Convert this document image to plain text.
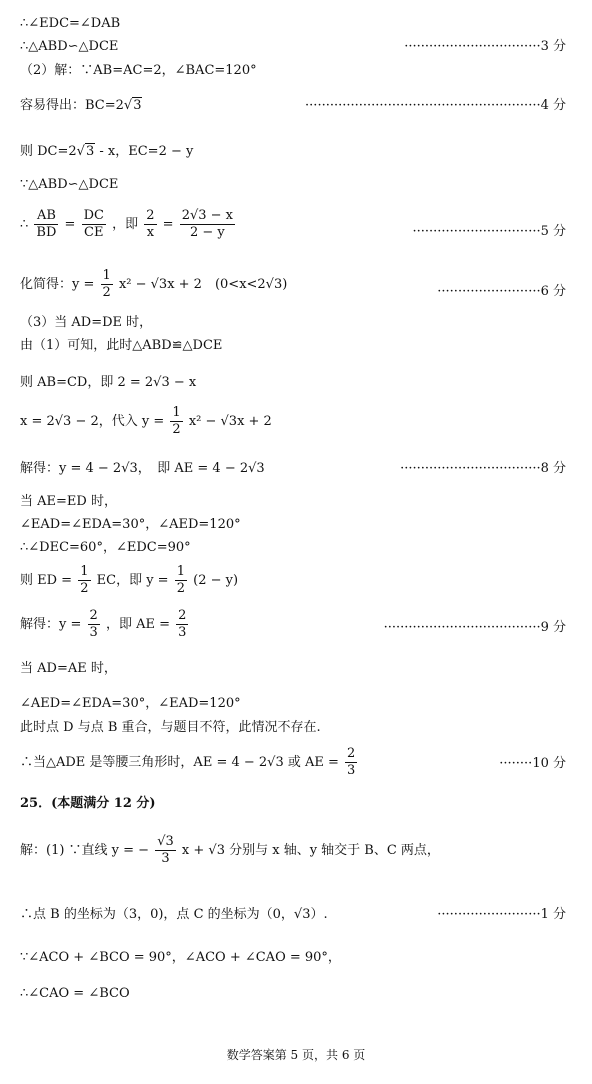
∴∠EDC=∠DAB
∴△ABD∽△DCE	·································3 分
（2）解：∵AB=AC=2，∠BAC=120°
容易得出：BC=2√3	·························································4 分
则 DC=2√3 - x，EC=2 − y
∵△ABD∽△DCE
∴ $\frac{AB}{BD} = \frac{DC}{CE}$ ，即 $\frac{2}{x} = \frac{2√3 - x}{2 - y}$	·······························5 分
化简得：$y = \frac{1}{2} x^2 - √3x + 2$　(0<x<2√3)	·························6 分
（3）当 AD=DE 时，
由（1）可知，此时△ABD≌△DCE
则 AB=CD，即 2 = 2√3 − x
x = 2√3 − 2，代入 $y = \frac{1}{2} x^2 - √3x + 2$
解得：y = 4 − 2√3，　即 AE = 4 − 2√3	··································8 分
当 AE=ED 时，
∠EAD=∠EDA=30°，∠AED=120°
∴∠DEC=60°，∠EDC=90°
则 ED = $\frac{1}{2}$ EC，即 $y = \frac{1}{2} (2 - y)$
解得：$y = \frac{2}{3}$ ，即 AE = $\frac{2}{3}$	······································9 分
当 AD=AE 时，
∠AED=∠EDA=30°，∠EAD=120°
此时点 D 与点 B 重合，与题目不符，此情况不存在.
∴当△ADE 是等腰三角形时，AE = 4 − 2√3 或 AE = $\frac{2}{3}$	········10 分
25．(本题满分 12 分)
解：(1) ∵直线 y = − $\frac{√3}{3}$ x + √3 分别与 x 轴、y 轴交于 B、C 两点，
∴点 B 的坐标为（3，0)，点 C 的坐标为（0，√3）.	·························1 分
∵∠ACO + ∠BCO = 90°，∠ACO + ∠CAO = 90°，
∴∠CAO = ∠BCO
数学答案第 5 页，共 6 页
